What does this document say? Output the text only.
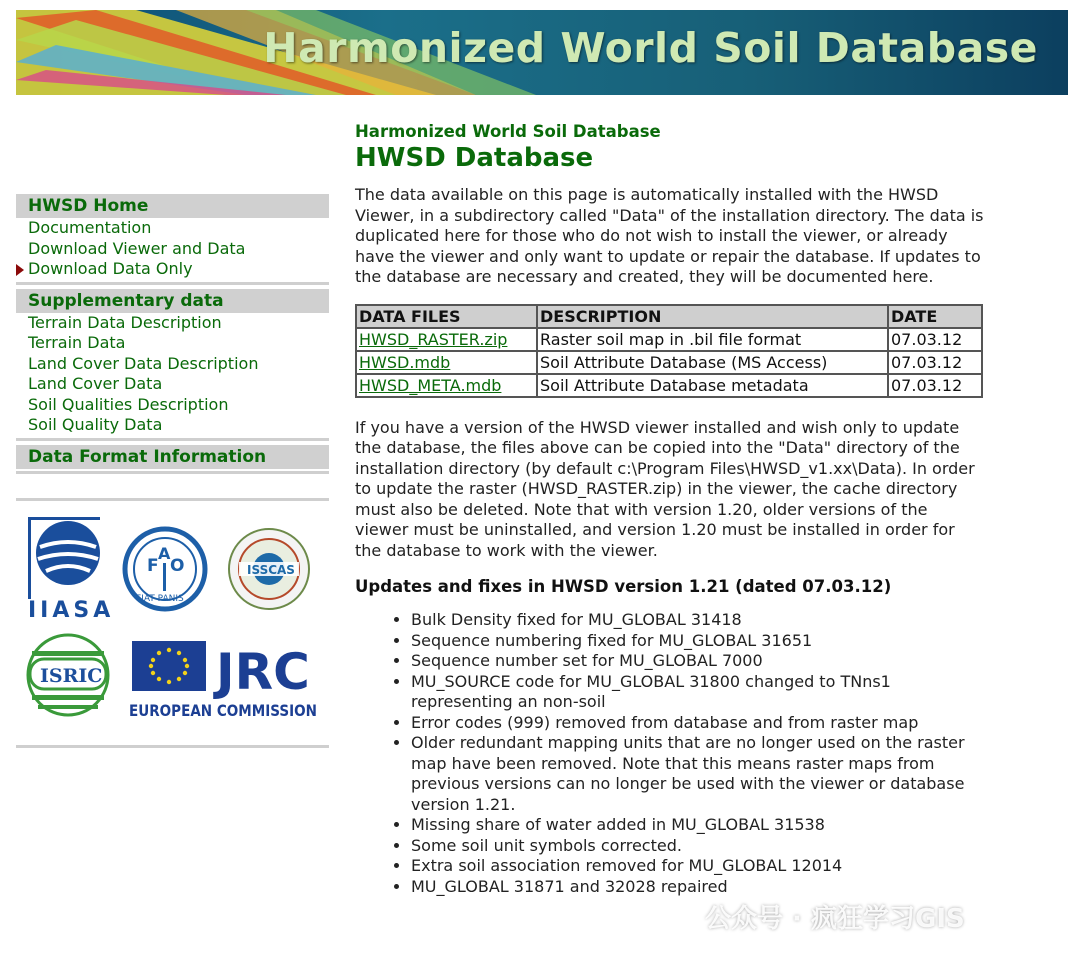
Harmonized World Soil Database
HWSD Home
Documentation
Download Viewer and Data
Download Data Only
Supplementary data
Terrain Data Description
Terrain Data
Land Cover Data Description
Land Cover Data
Soil Qualities Description
Soil Quality Data
Data Format Information
IIASA
F
A
O
FIAT PANIS
ISSCAS
ISRIC JRC
EUROPEAN COMMISSION
Harmonized World Soil Database
HWSD Database

The data available on this page is automatically installed with the HWSD Viewer, in a subdirectory called "Data" of the installation directory. The data is duplicated here for those who do not wish to install the viewer, or already have the viewer and only want to update or repair the database. If updates to the database are necessary and created, they will be documented here.

DATA FILES	DESCRIPTION	DATE
HWSD_RASTER.zip	Raster soil map in .bil file format	07.03.12
HWSD.mdb	Soil Attribute Database (MS Access)	07.03.12
HWSD_META.mdb	Soil Attribute Database metadata	07.03.12

If you have a version of the HWSD viewer installed and wish only to update the database, the files above can be copied into the "Data" directory of the installation directory (by default c:\Program Files\HWSD_v1.xx\Data). In order to update the raster (HWSD_RASTER.zip) in the viewer, the cache directory must also be deleted. Note that with version 1.20, older versions of the viewer must be uninstalled, and version 1.20 must be installed in order for the database to work with the viewer.

Updates and fixes in HWSD version 1.21 (dated 07.03.12)
• Bulk Density fixed for MU_GLOBAL 31418
• Sequence numbering fixed for MU_GLOBAL 31651
• Sequence number set for MU_GLOBAL 7000
• MU_SOURCE code for MU_GLOBAL 31800 changed to TNns1 representing an non-soil
• Error codes (999) removed from database and from raster map
• Older redundant mapping units that are no longer used on the raster map have been removed. Note that this means raster maps from previous versions can no longer be used with the viewer or database version 1.21.
• Missing share of water added in MU_GLOBAL 31538
• Some soil unit symbols corrected.
• Extra soil association removed for MU_GLOBAL 12014
• MU_GLOBAL 31871 and 32028 repaired
公众号 · 疯狂学习GIS
